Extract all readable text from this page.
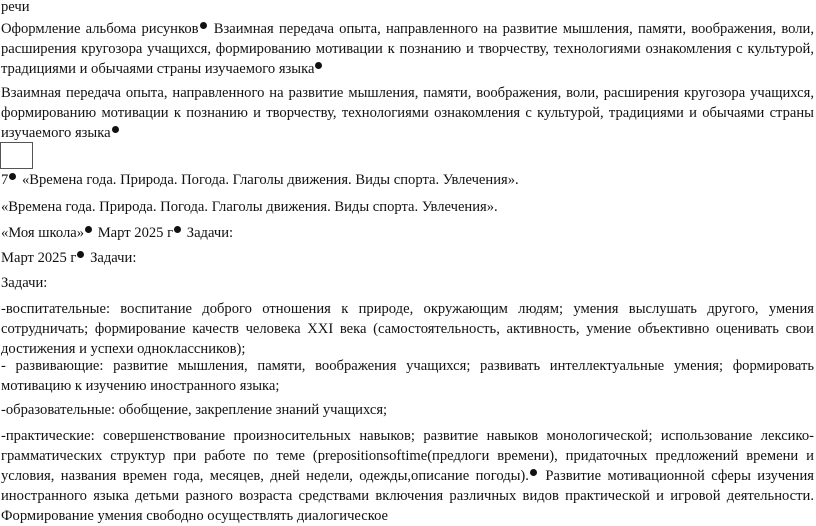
речи
Оформление альбома рисунков Взаимная передача опыта, направленного на развитие мышления, памяти, воображения, воли, расширения кругозора учащихся, формированию мотивации к познанию и творчеству, технологиями ознакомления с культурой, традициями и обычаями страны изучаемого языка
Взаимная передача опыта, направленного на развитие мышления, памяти, воображения, воли, расширения кругозора учащихся, формированию мотивации к познанию и творчеству, технологиями ознакомления с культурой, традициями и обычаями страны изучаемого языка
7 «Времена года. Природа. Погода. Глаголы движения. Виды спорта. Увлечения».
«Времена года. Природа. Погода. Глаголы движения. Виды спорта. Увлечения».
«Моя школа» Март 2025 г Задачи:
Март 2025 г Задачи:
Задачи:
-воспитательные: воспитание доброго отношения к природе, окружающим людям; умения выслушать другого, умения сотрудничать; формирование качеств человека XXI века (самостоятельность, активность, умение объективно оценивать свои достижения и успехи одноклассников);
- развивающие: развитие мышления, памяти, воображения учащихся; развивать интеллектуальные умения; формировать мотивацию к изучению иностранного языка;
-образовательные: обобщение, закрепление знаний учащихся;
-практические: совершенствование произносительных навыков; развитие навыков монологической; использование лексико-грамматических структур при работе по теме (prepositionsoftime(предлоги времени), придаточных предложений времени и условия, названия времен года, месяцев, дней недели, одежды,описание погоды). Развитие мотивационной сферы изучения иностранного языка детьми разного возраста средствами включения различных видов практической и игровой деятельности. Формирование умения свободно осуществлять диалогическое
